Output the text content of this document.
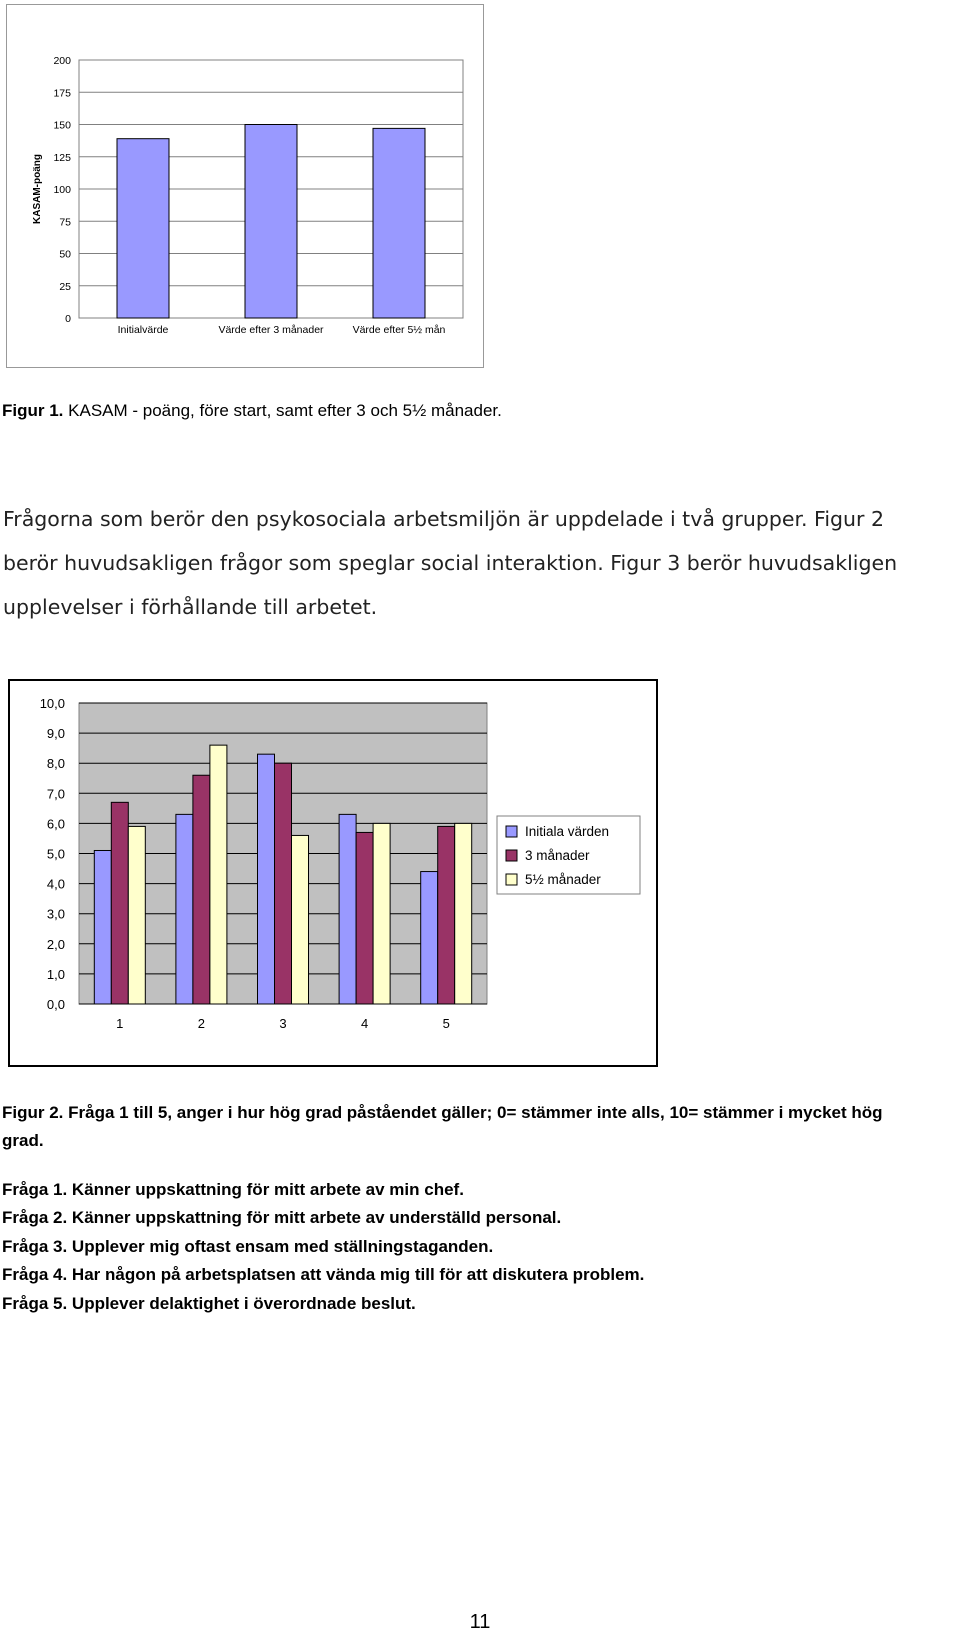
0
25
50
75
100
125
150
175
200
KASAM-poäng
Initialvärde	Värde efter 3 månader	Värde efter 5½ mån
Figur 1. KASAM - poäng, före start, samt efter 3 och 5½ månader.
Frågorna som berör den psykosociala arbetsmiljön är uppdelade i två grupper. Figur 2
berör huvudsakligen frågor som speglar social interaktion. Figur 3 berör huvudsakligen
upplevelser i förhållande till arbetet.
0,0
1,0
2,0
3,0
4,0
5,0
6,0
7,0
8,0
9,0
10,0
1	2	3	4	5
Initiala värden
3 månader
5½ månader
Figur 2. Fråga 1 till 5, anger i hur hög grad påståendet gäller; 0= stämmer inte alls, 10= stämmer i mycket hög
grad.
Fråga 1. Känner uppskattning för mitt arbete av min chef.
Fråga 2. Känner uppskattning för mitt arbete av underställd personal.
Fråga 3. Upplever mig oftast ensam med ställningstaganden.
Fråga 4. Har någon på arbetsplatsen att vända mig till för att diskutera problem.
Fråga 5. Upplever delaktighet i överordnade beslut.
11
